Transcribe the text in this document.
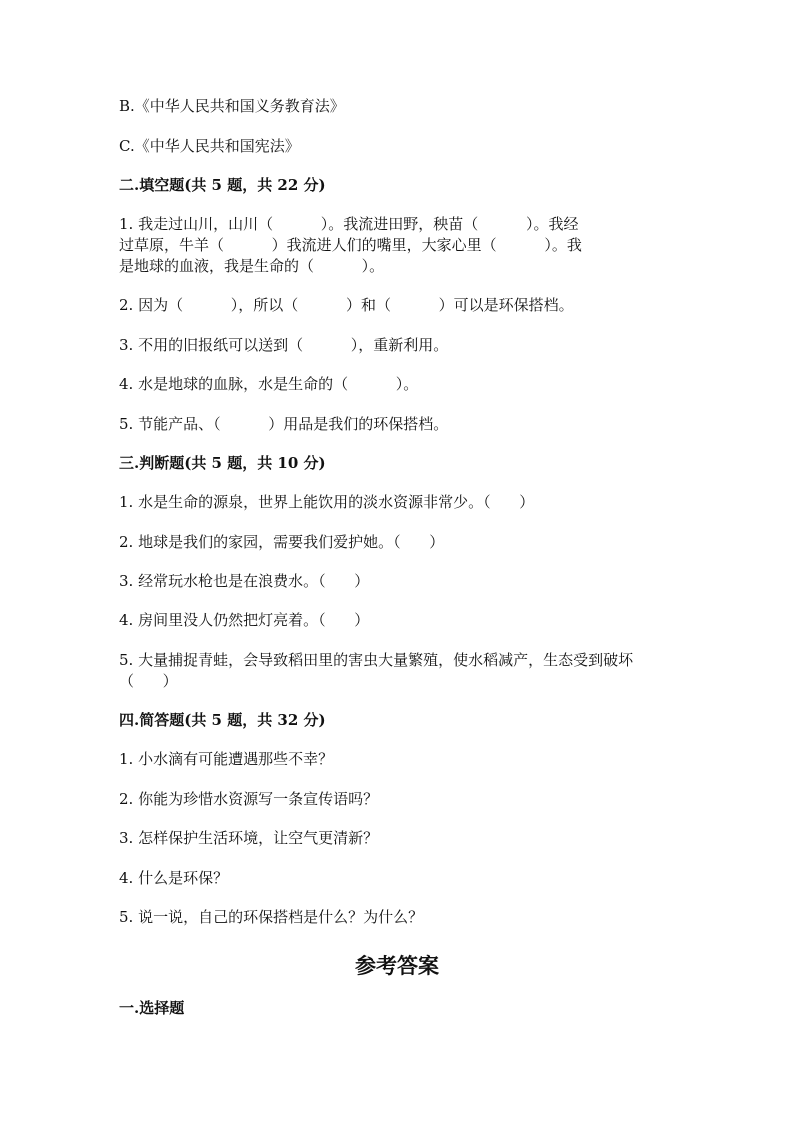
B.《中华人民共和国义务教育法》
C.《中华人民共和国宪法》
二.填空题(共 5 题，共 22 分)
1. 我走过山川，山川（          ）。我流进田野，秧苗（          ）。我经
过草原，牛羊（          ）我流进人们的嘴里，大家心里（          ）。我
是地球的血液，我是生命的（          ）。
2. 因为（          ），所以（          ）和（          ）可以是环保搭档。
3. 不用的旧报纸可以送到（          ），重新利用。
4. 水是地球的血脉，水是生命的（          ）。
5. 节能产品、（          ）用品是我们的环保搭档。
三.判断题(共 5 题，共 10 分)
1. 水是生命的源泉，世界上能饮用的淡水资源非常少。（      ）
2. 地球是我们的家园，需要我们爱护她。（      ）
3. 经常玩水枪也是在浪费水。（      ）
4. 房间里没人仍然把灯亮着。（      ）
5. 大量捕捉青蛙，会导致稻田里的害虫大量繁殖，使水稻减产，生态受到破坏
（      ）
四.简答题(共 5 题，共 32 分)
1. 小水滴有可能遭遇那些不幸？
2. 你能为珍惜水资源写一条宣传语吗？
3. 怎样保护生活环境，让空气更清新？
4. 什么是环保？
5. 说一说，自己的环保搭档是什么？为什么？
参考答案
一.选择题
